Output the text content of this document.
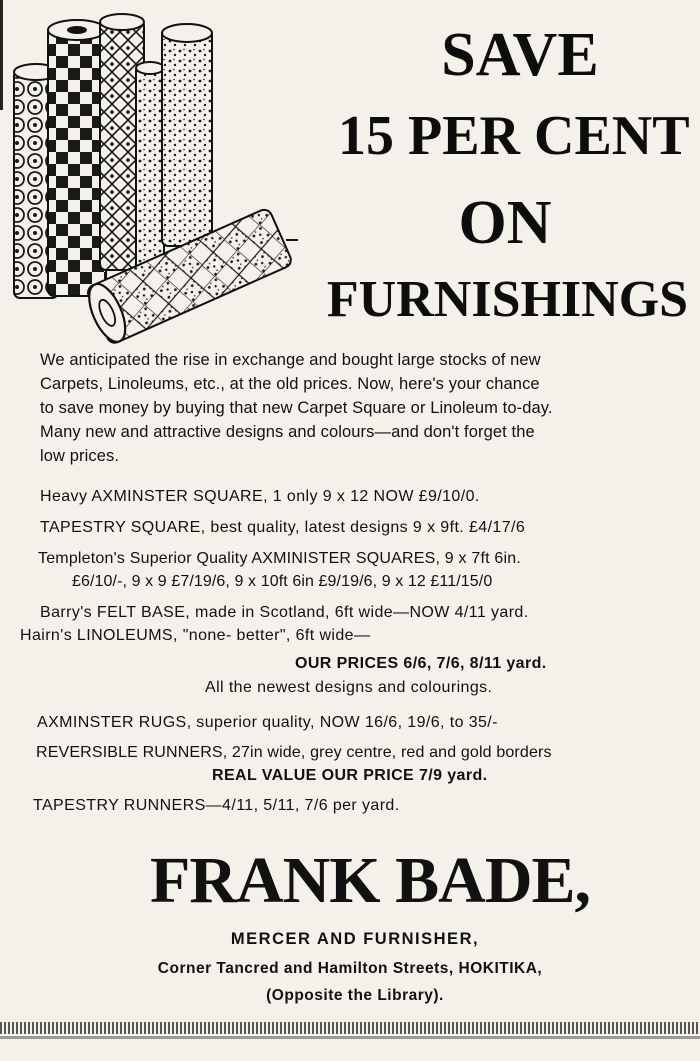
SAVE
15 PER CENT
ON
FURNISHINGS
We anticipated the rise in exchange and bought large stocks of new
Carpets, Linoleums, etc., at the old prices. Now, here's your chance
to save money by buying that new Carpet Square or Linoleum to-day.
Many new and attractive designs and colours—and don't forget the
low prices.
Heavy AXMINSTER SQUARE, 1 only 9 x 12 NOW £9/10/0.
TAPESTRY SQUARE, best quality, latest designs 9 x 9ft. £4/17/6
Templeton's Superior Quality AXMINISTER SQUARES, 9 x 7ft 6in.
£6/10/-, 9 x 9 £7/19/6, 9 x 10ft 6in £9/19/6, 9 x 12 £11/15/0
Barry's FELT BASE, made in Scotland, 6ft wide—NOW 4/11 yard.
Hairn's LINOLEUMS, "none- better", 6ft wide—
OUR PRICES 6/6, 7/6, 8/11 yard.
All the newest designs and colourings.
AXMINSTER RUGS, superior quality, NOW 16/6, 19/6, to 35/-
REVERSIBLE RUNNERS, 27in wide, grey centre, red and gold borders
REAL VALUE OUR PRICE 7/9 yard.
TAPESTRY RUNNERS—4/11, 5/11, 7/6 per yard.
FRANK BADE,
MERCER AND FURNISHER,
Corner Tancred and Hamilton Streets, HOKITIKA,
(Opposite the Library).
